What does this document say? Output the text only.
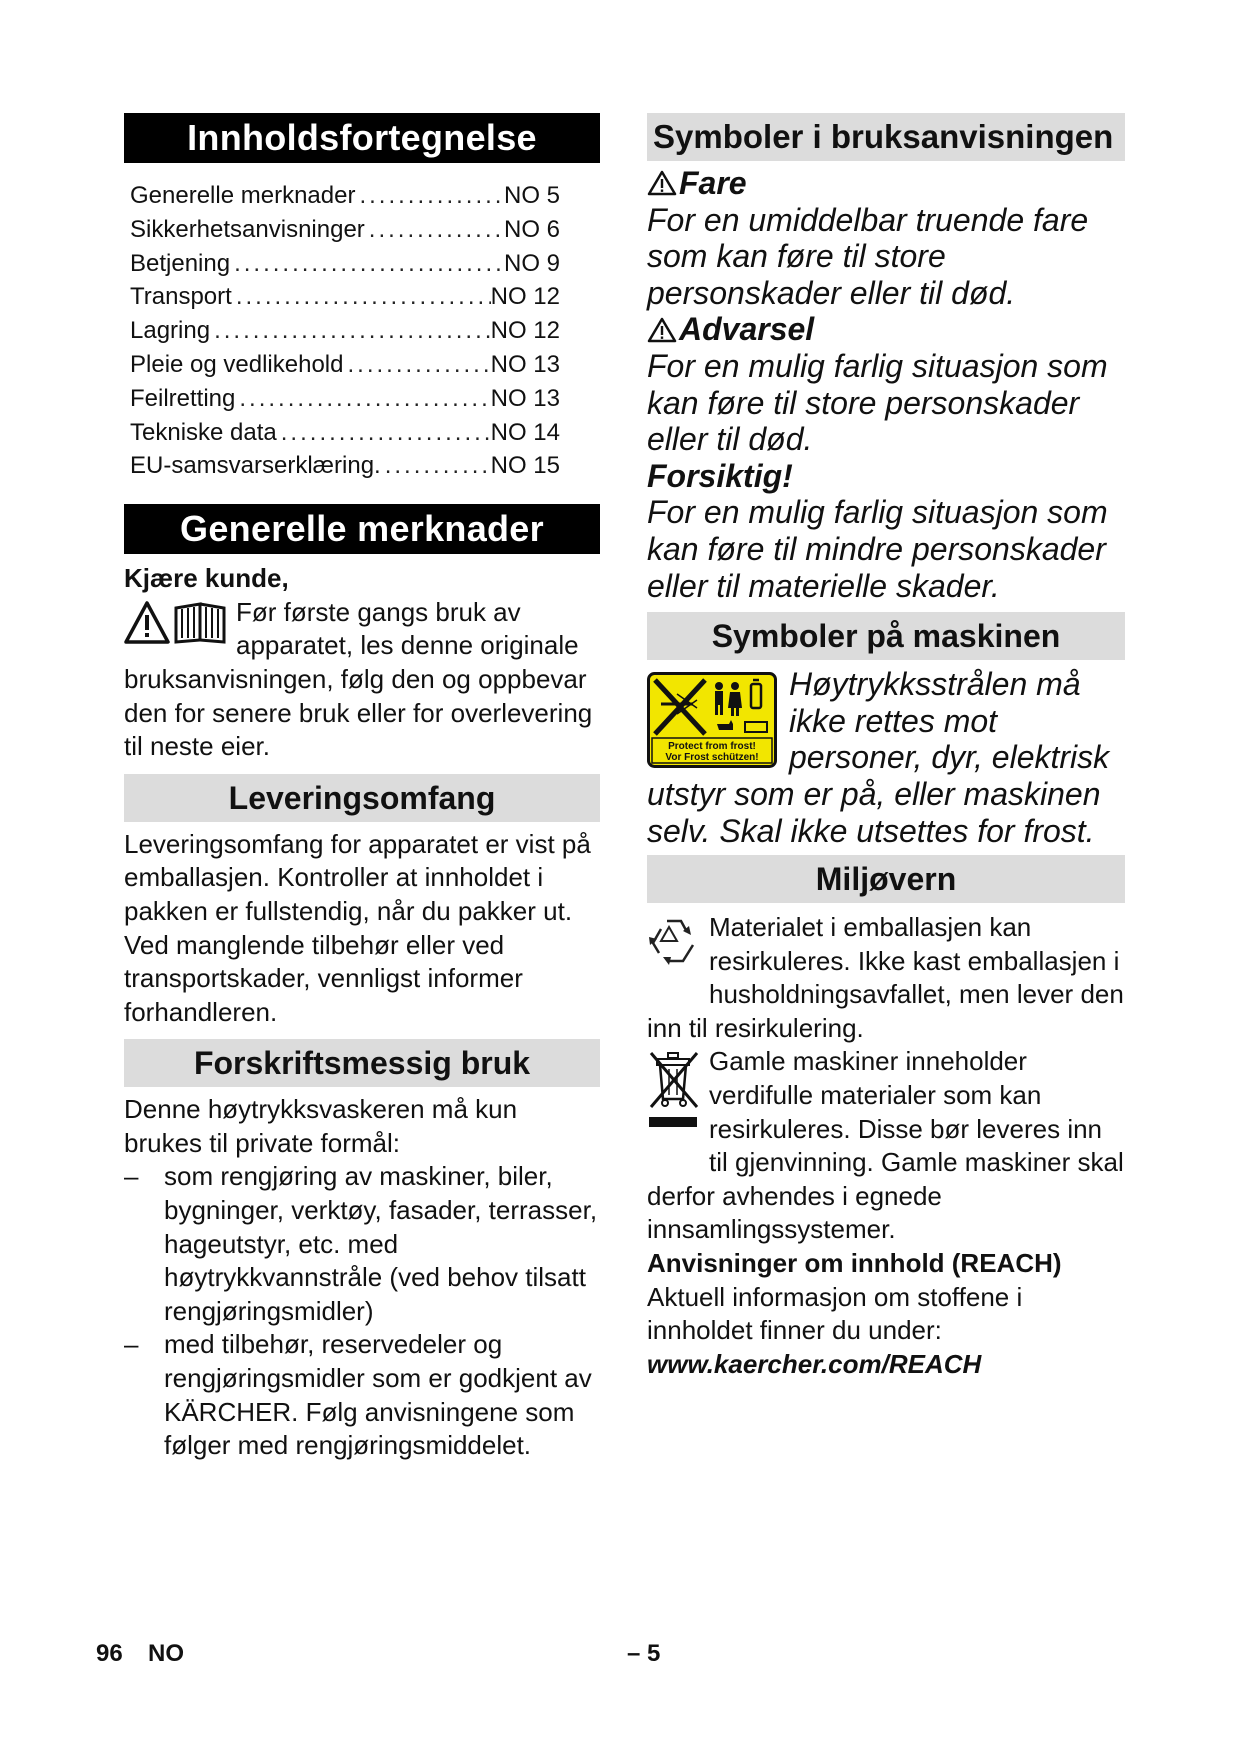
Innholdsfortegnelse
Generelle merknader .....	NO 5
Sikkerhetsanvisninger .....	NO 6
Betjening .....	NO 9
Transport .....	NO 12
Lagring .....	NO 12
Pleie og vedlikehold .....	NO 13
Feilretting .....	NO 13
Tekniske data .....	NO 14
EU-samsvarserklæring. .....	NO 15
Generelle merknader
Kjære kunde,
Før første gangs bruk av apparatet, les denne originale bruksanvisningen, følg den og oppbevar den for senere bruk eller for overlevering til neste eier.
Leveringsomfang
Leveringsomfang for apparatet er vist på emballasjen. Kontroller at innholdet i pakken er fullstendig, når du pakker ut.
Ved manglende tilbehør eller ved transportskader, vennligst informer forhandleren.
Forskriftsmessig bruk
Denne høytrykksvaskeren må kun brukes til private formål:
– som rengjøring av maskiner, biler, bygninger, verktøy, fasader, terrasser, hageutstyr, etc. med høytrykkvannstråle (ved behov tilsatt rengjøringsmidler)
– med tilbehør, reservedeler og rengjøringsmidler som er godkjent av KÄRCHER. Følg anvisningene som følger med rengjøringsmiddelet.
Symboler i bruksanvisningen
Fare
For en umiddelbar truende fare som kan føre til store personskader eller til død.
Advarsel
For en mulig farlig situasjon som kan føre til store personskader eller til død.
Forsiktig!
For en mulig farlig situasjon som kan føre til mindre personskader eller til materielle skader.
Symboler på maskinen
Protect from frost!
Vor Frost schützen!
Høytrykksstrålen må ikke rettes mot personer, dyr, elektrisk utstyr som er på, eller maskinen selv. Skal ikke utsettes for frost.
Miljøvern
Materialet i emballasjen kan resirkuleres. Ikke kast emballasjen i husholdningsavfallet, men lever den inn til resirkulering.
Gamle maskiner inneholder verdifulle materialer som kan resirkuleres. Disse bør leveres inn til gjenvinning. Gamle maskiner skal derfor avhendes i egnede innsamlingssystemer.
Anvisninger om innhold (REACH)
Aktuell informasjon om stoffene i innholdet finner du under:
www.kaercher.com/REACH
96 NO	– 5
